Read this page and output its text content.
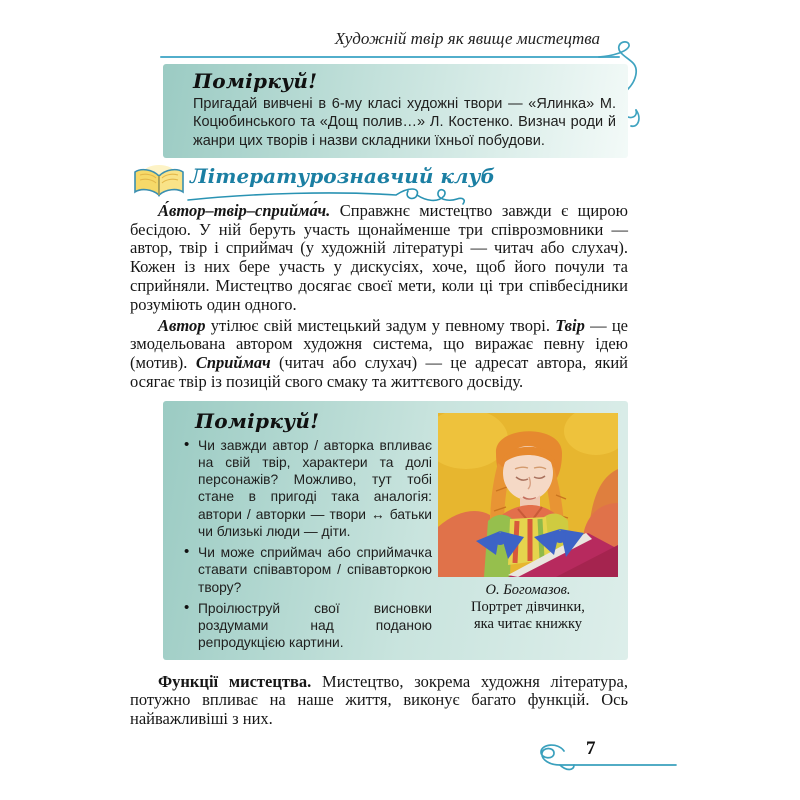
Художній твір як явище мистецтва
Поміркуй!
Пригадай вивчені в 6-му класі художні твори — «Ялинка» М. Коцюбинського та «Дощ полив…» Л. Костенко. Визнач роди й жанри цих творів і назви складники їхньої побудови.
Літературознавчий клуб

А́втор–твір–сприйма́ч. Справжнє мистецтво завжди є щирою бесідою. У ній беруть участь щонайменше три співрозмовники — автор, твір і сприймач (у художній літературі — читач або слухач). Кожен із них бере участь у дискусіях, хоче, щоб його почули та сприйняли. Мистецтво досягає своєї мети, коли ці три співбесідники розуміють один одного.

Автор утілює свій мистецький задум у певному творі. Твір — це змодельована автором художня система, що виражає певну ідею (мотив). Сприймач (читач або слухач) — це адресат автора, який осягає твір із позицій свого смаку та життєвого досвіду.

Поміркуй!
• Чи завжди автор / авторка впливає на свій твір, характери та долі персонажів? Можливо, тут тобі стане в пригоді така аналогія: автори / авторки — твори ↔ батьки чи близькі люди — діти.
• Чи може сприймач або сприймачка ставати співавтором / співавторкою твору?
• Проілюструй свої висновки роздумами над поданою репродукцією картини.
О. Богомазов.
Портрет дівчинки,
яка читає книжку

Функції мистецтва. Мистецтво, зокрема художня література, потужно впливає на наше життя, виконує багато функцій. Ось найважливіші з них.

7
